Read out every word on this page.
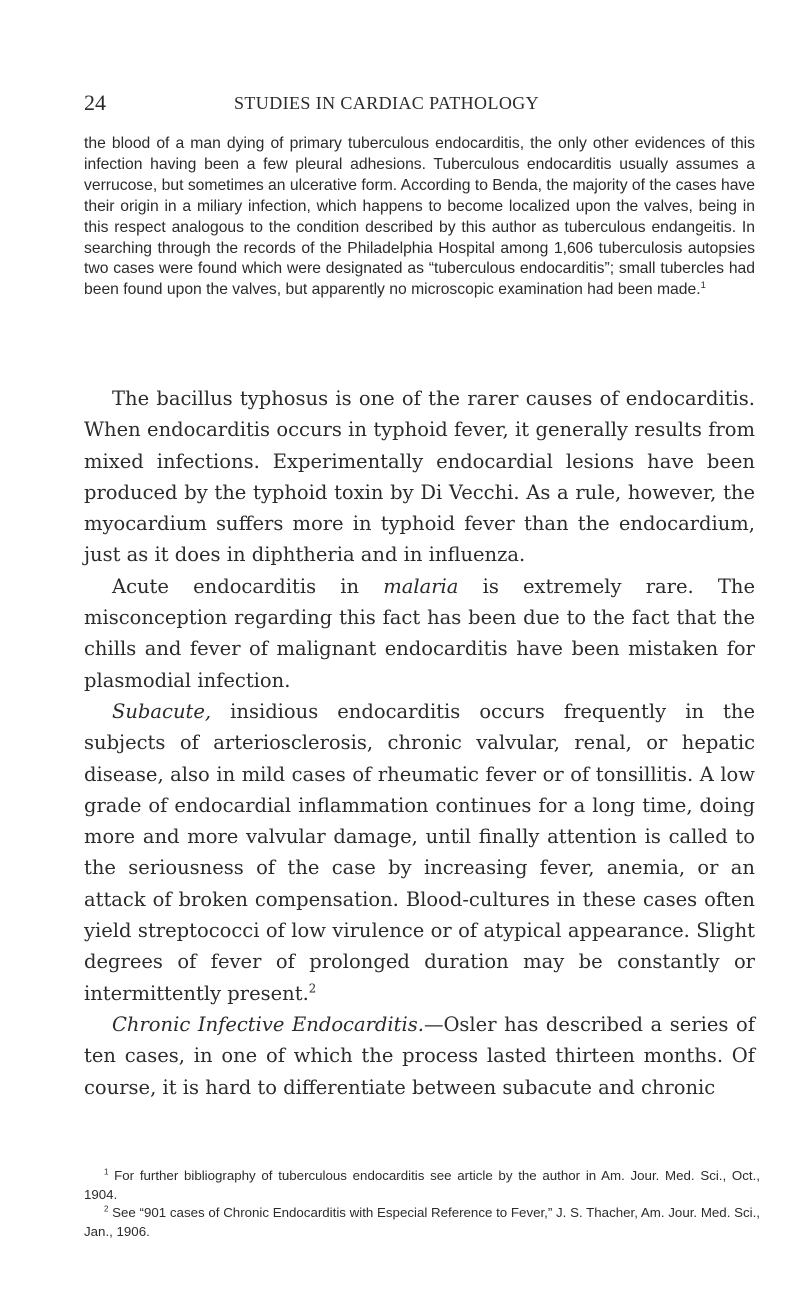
24	STUDIES IN CARDIAC PATHOLOGY

the blood of a man dying of primary tuberculous endocarditis, the only other evidences of this infection having been a few pleural adhesions. Tuberculous endocarditis usually assumes a verrucose, but sometimes an ulcerative form. According to Benda, the majority of the cases have their origin in a miliary infection, which happens to become localized upon the valves, being in this respect analogous to the condition described by this author as tuberculous endangeitis. In searching through the records of the Philadelphia Hospital among 1,606 tuberculosis autopsies two cases were found which were designated as “tuberculous endocarditis”; small tubercles had been found upon the valves, but apparently no microscopic examination had been made.$^1$

The bacillus typhosus is one of the rarer causes of endocarditis. When endocarditis occurs in typhoid fever, it generally results from mixed infections. Experimentally endocardial lesions have been produced by the typhoid toxin by Di Vecchi. As a rule, however, the myocardium suffers more in typhoid fever than the endocardium, just as it does in diphtheria and in influenza.

Acute endocarditis in malaria is extremely rare. The misconception regarding this fact has been due to the fact that the chills and fever of malignant endocarditis have been mistaken for plasmodial infection.

Subacute, insidious endocarditis occurs frequently in the subjects of arteriosclerosis, chronic valvular, renal, or hepatic disease, also in mild cases of rheumatic fever or of tonsillitis. A low grade of endocardial inflammation continues for a long time, doing more and more valvular damage, until finally attention is called to the seriousness of the case by increasing fever, anemia, or an attack of broken compensation. Blood-cultures in these cases often yield streptococci of low virulence or of atypical appearance. Slight degrees of fever of prolonged duration may be constantly or intermittently present.$^2$

Chronic Infective Endocarditis.—Osler has described a series of ten cases, in one of which the process lasted thirteen months. Of course, it is hard to differentiate between subacute and chronic

$^1$ For further bibliography of tuberculous endocarditis see article by the author in Am. Jour. Med. Sci., Oct., 1904.

$^2$ See “901 cases of Chronic Endocarditis with Especial Reference to Fever,” J. S. Thacher, Am. Jour. Med. Sci., Jan., 1906.
